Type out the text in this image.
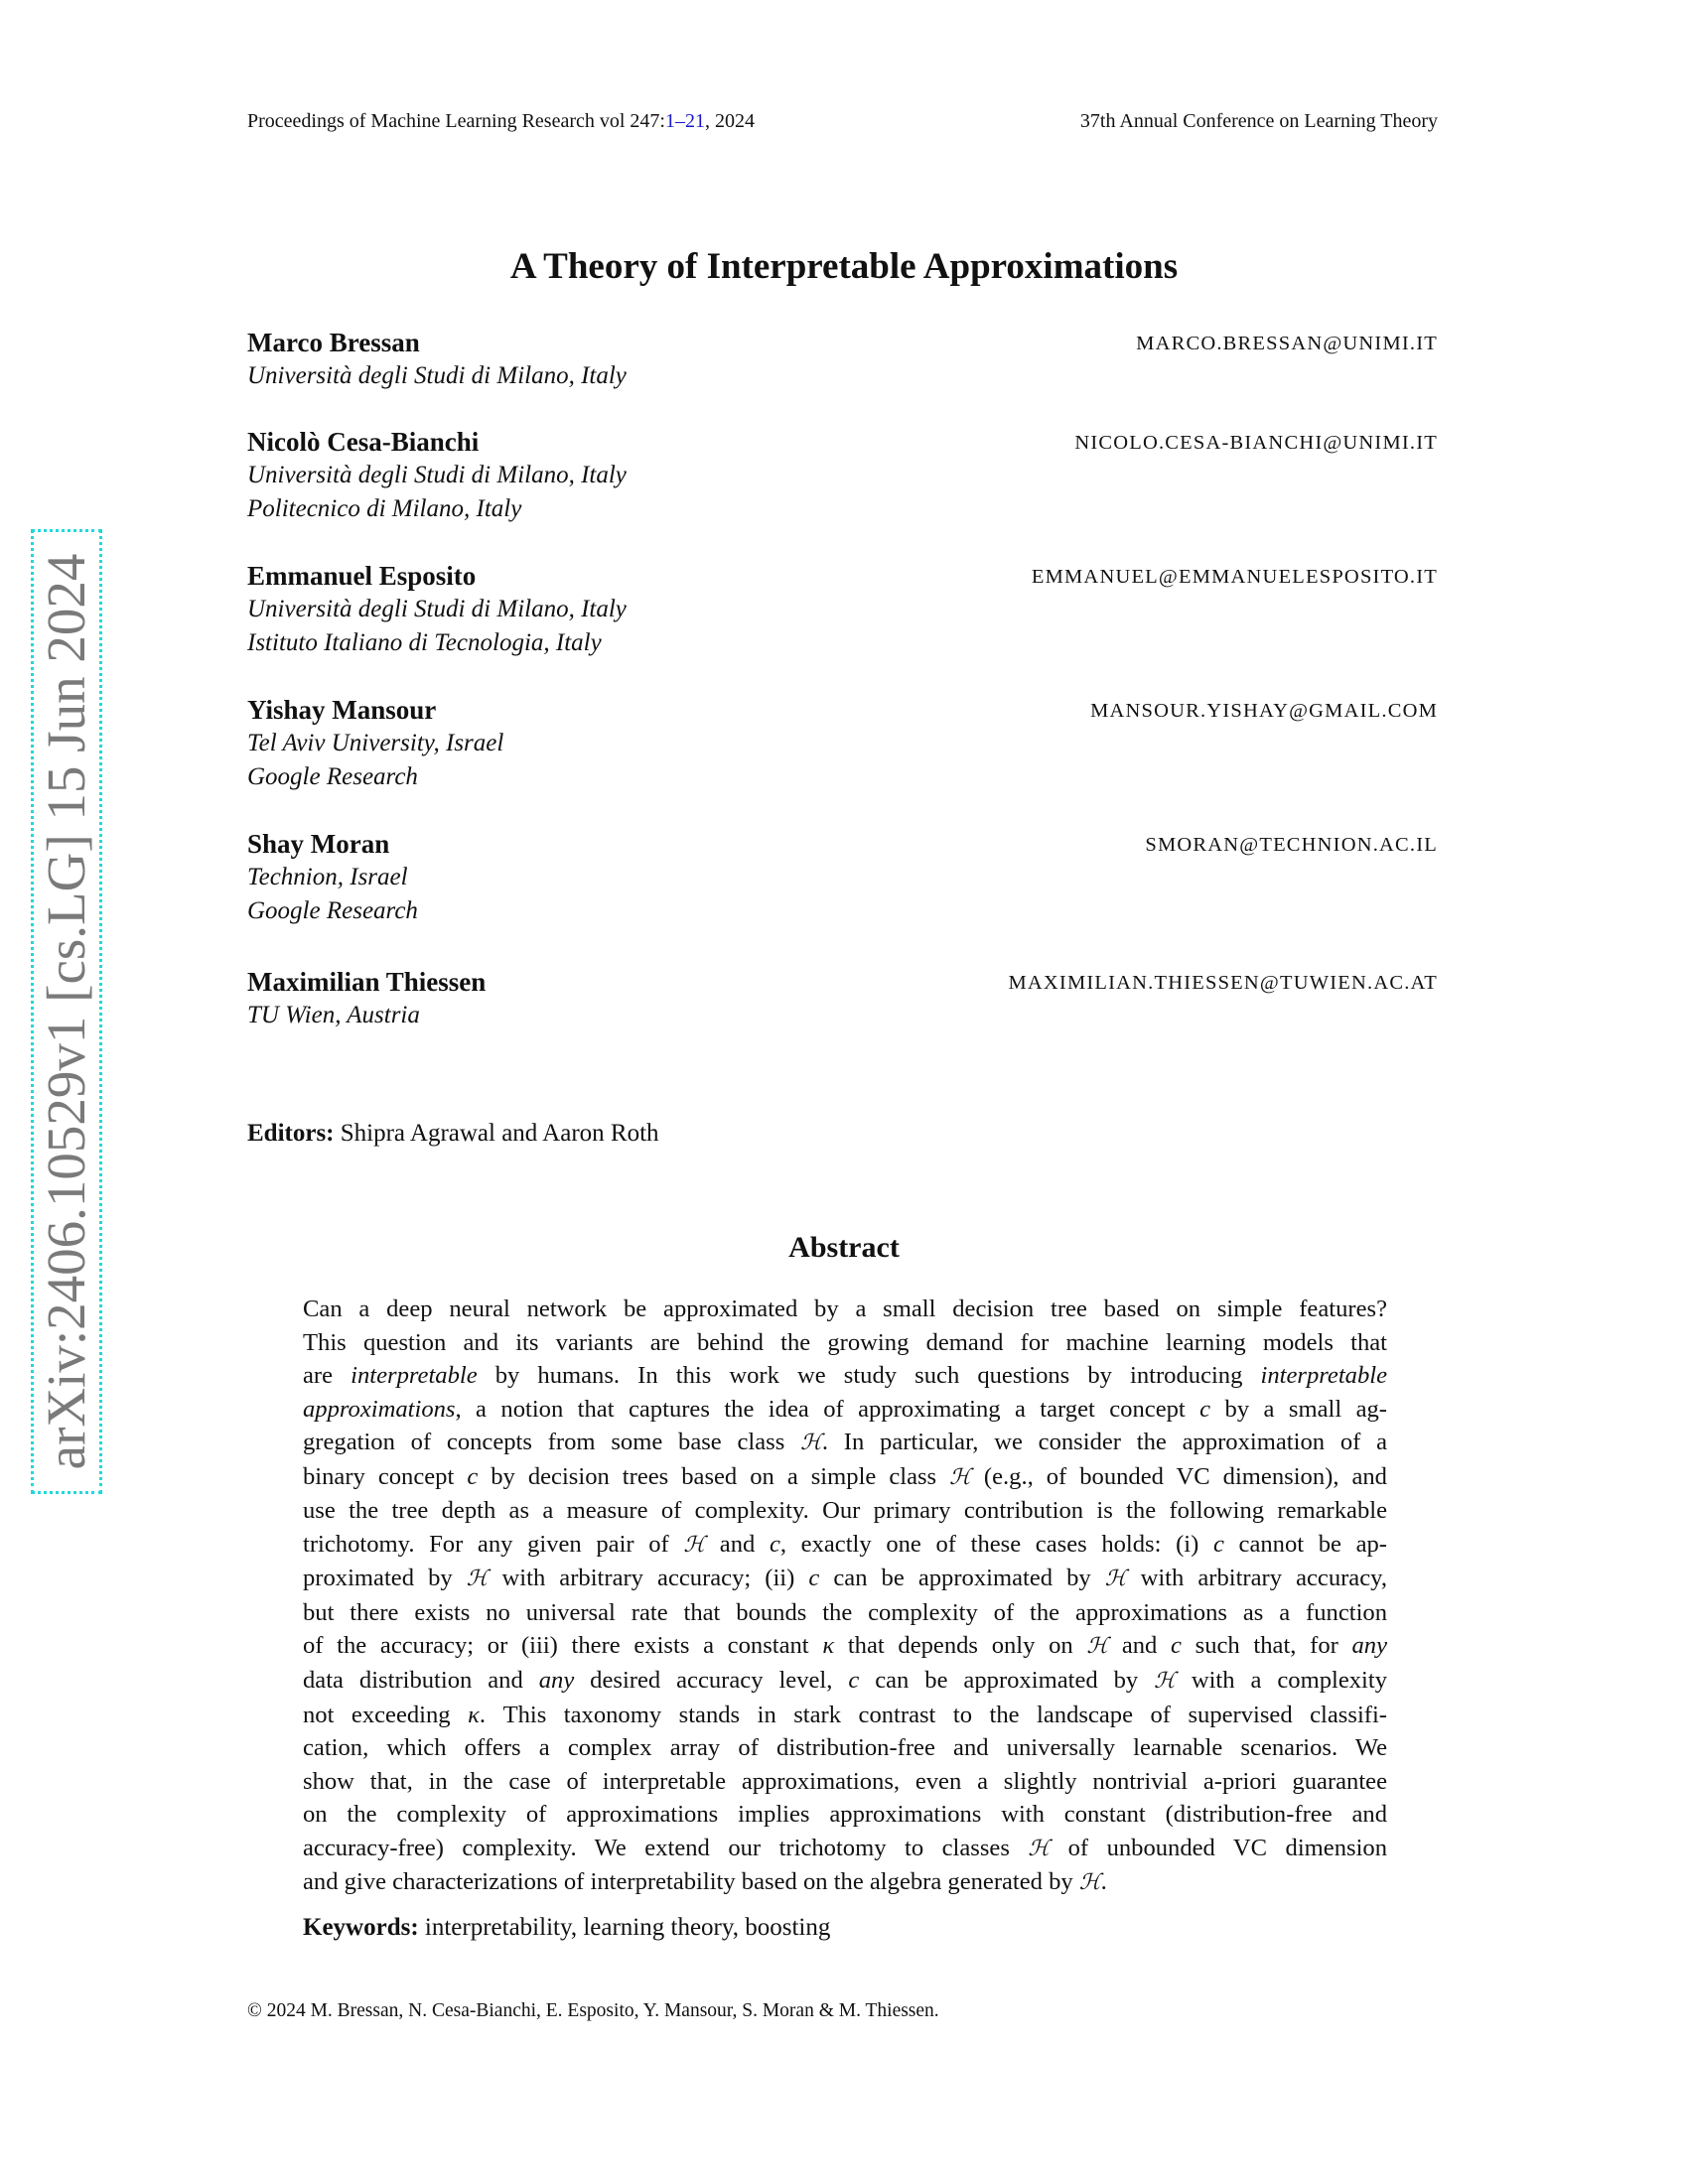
Proceedings of Machine Learning Research vol 247:1–21, 2024	37th Annual Conference on Learning Theory
arXiv:2406.10529v1 [cs.LG] 15 Jun 2024
A Theory of Interpretable Approximations
Marco Bressan	MARCO.BRESSAN@UNIMI.IT
Università degli Studi di Milano, Italy
Nicolò Cesa-Bianchi	NICOLO.CESA-BIANCHI@UNIMI.IT
Università degli Studi di Milano, Italy
Politecnico di Milano, Italy
Emmanuel Esposito	EMMANUEL@EMMANUELESPOSITO.IT
Università degli Studi di Milano, Italy
Istituto Italiano di Tecnologia, Italy
Yishay Mansour	MANSOUR.YISHAY@GMAIL.COM
Tel Aviv University, Israel
Google Research
Shay Moran	SMORAN@TECHNION.AC.IL
Technion, Israel
Google Research
Maximilian Thiessen	MAXIMILIAN.THIESSEN@TUWIEN.AC.AT
TU Wien, Austria
Editors: Shipra Agrawal and Aaron Roth
Abstract
Can a deep neural network be approximated by a small decision tree based on simple features?
This question and its variants are behind the growing demand for machine learning models that
are interpretable by humans. In this work we study such questions by introducing interpretable
approximations, a notion that captures the idea of approximating a target concept c by a small ag-
gregation of concepts from some base class ℋ. In particular, we consider the approximation of a
binary concept c by decision trees based on a simple class ℋ (e.g., of bounded VC dimension), and
use the tree depth as a measure of complexity. Our primary contribution is the following remarkable
trichotomy. For any given pair of ℋ and c, exactly one of these cases holds: (i) c cannot be ap-
proximated by ℋ with arbitrary accuracy; (ii) c can be approximated by ℋ with arbitrary accuracy,
but there exists no universal rate that bounds the complexity of the approximations as a function
of the accuracy; or (iii) there exists a constant κ that depends only on ℋ and c such that, for any
data distribution and any desired accuracy level, c can be approximated by ℋ with a complexity
not exceeding κ. This taxonomy stands in stark contrast to the landscape of supervised classifi-
cation, which offers a complex array of distribution-free and universally learnable scenarios. We
show that, in the case of interpretable approximations, even a slightly nontrivial a-priori guarantee
on the complexity of approximations implies approximations with constant (distribution-free and
accuracy-free) complexity. We extend our trichotomy to classes ℋ of unbounded VC dimension
and give characterizations of interpretability based on the algebra generated by ℋ.
Keywords: interpretability, learning theory, boosting
© 2024 M. Bressan, N. Cesa-Bianchi, E. Esposito, Y. Mansour, S. Moran & M. Thiessen.
